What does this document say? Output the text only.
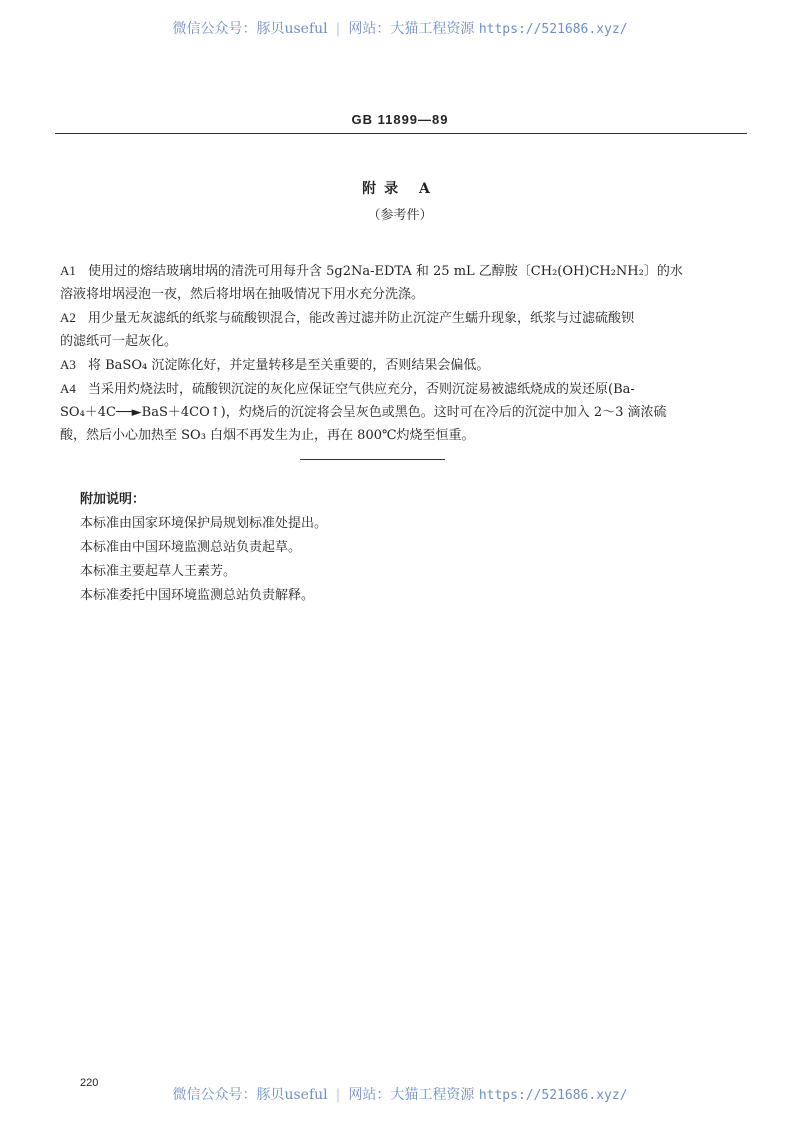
微信公众号：豚贝useful | 网站：大猫工程资源 https://521686.xyz/
GB 11899—89
附录 A
（参考件）
A1 使用过的熔结玻璃坩埚的清洗可用每升含 5g2Na-EDTA 和 25 mL 乙醇胺〔CH₂(OH)CH₂NH₂〕的水
溶液将坩埚浸泡一夜，然后将坩埚在抽吸情况下用水充分洗涤。
A2 用少量无灰滤纸的纸浆与硫酸钡混合，能改善过滤并防止沉淀产生蠕升现象，纸浆与过滤硫酸钡
的滤纸可一起灰化。
A3 将 BaSO₄ 沉淀陈化好，并定量转移是至关重要的，否则结果会偏低。
A4 当采用灼烧法时，硫酸钡沉淀的灰化应保证空气供应充分，否则沉淀易被滤纸烧成的炭还原(Ba-
SO₄＋4C──►BaS＋4CO↑)，灼烧后的沉淀将会呈灰色或黑色。这时可在冷后的沉淀中加入 2～3 滴浓硫
酸，然后小心加热至 SO₃ 白烟不再发生为止，再在 800℃灼烧至恒重。
附加说明：
本标准由国家环境保护局规划标准处提出。
本标准由中国环境监测总站负责起草。
本标准主要起草人王素芳。
本标准委托中国环境监测总站负责解释。
220
微信公众号：豚贝useful | 网站：大猫工程资源 https://521686.xyz/
